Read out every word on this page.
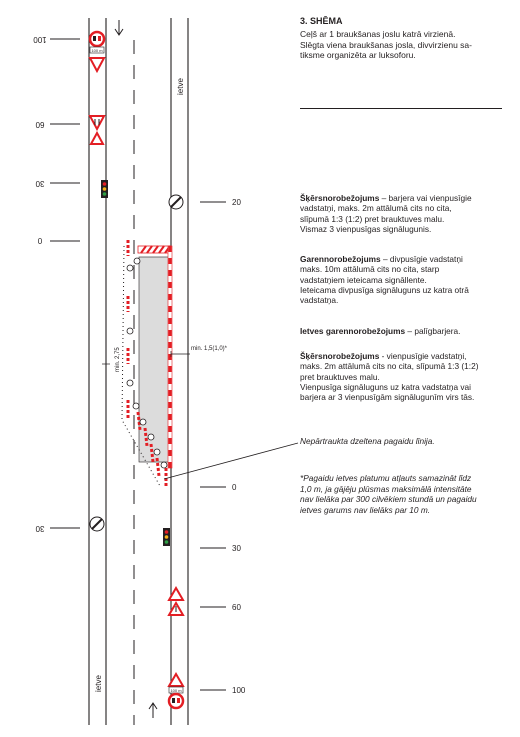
ietve
ietve
100
60
30
0
30
20
0
30
60
100
100 m
min. 2,75	min. 1,5(1,0)*
100 m
3. SHĒMA
Ceļš ar 1 braukšanas joslu katrā virzienā.
Slēgta viena braukšanas josla, divvirzienu sa-
tiksme organizēta ar luksoforu.

Šķērsnorobežojums – barjera vai vienpusīgie

vadstatņi, maks. 2m attālumā cits no cita,

slīpumā 1:3 (1:2) pret brauktuves malu.

Vismaz 3 vienpusīgas signālugunis.

Garennorobežojums – divpusīgie vadstatņi

maks. 10m attālumā cits no cita, starp

vadstatņiem ieteicama signāllente.

Ieteicama divpusīga signāluguns uz katra otrā

vadstatņa.

Ietves garennorobežojums – palīgbarjera.

Šķērsnorobežojums - vienpusīgie vadstatņi,

maks. 2m attālumā cits no cita, slīpumā 1:3 (1:2)

pret brauktuves malu.

Vienpusīga signāluguns uz katra vadstatņa vai

barjera ar 3 vienpusīgām signālugunīm virs tās.

Nepārtraukta dzeltena pagaidu līnija.
*Pagaidu ietves platumu atļauts samazināt līdz
1,0 m, ja gājēju plūsmas maksimālā intensitāte
nav lielāka par 300 cilvēkiem stundā un pagaidu
ietves garums nav lielāks par 10 m.
